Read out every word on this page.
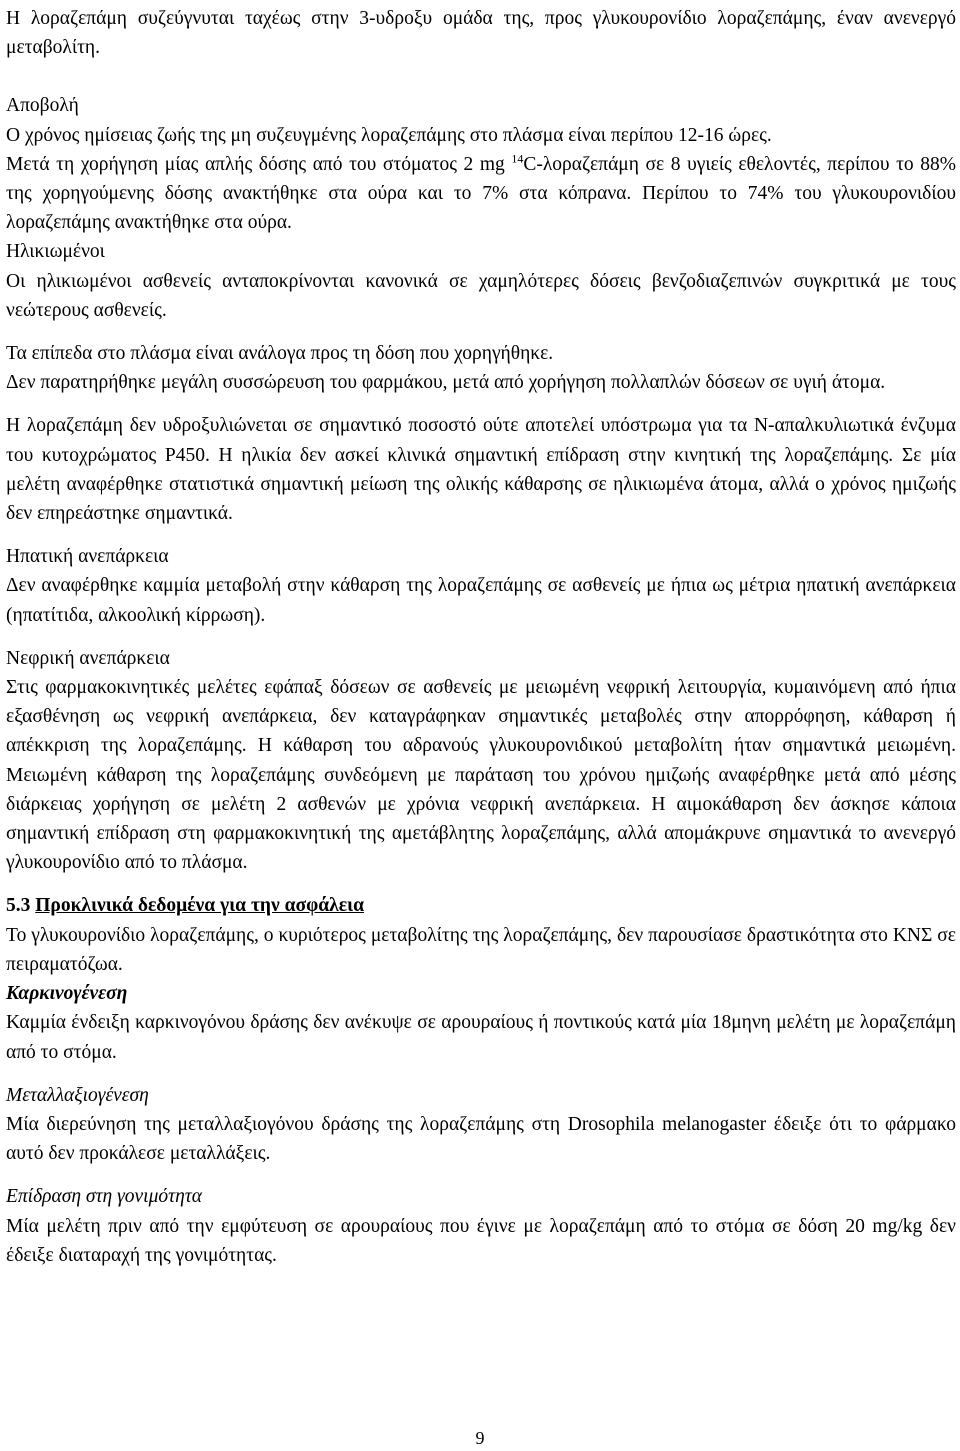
Η λοραζεπάμη συζεύγνυται ταχέως στην 3-υδροξυ ομάδα της, προς γλυκουρονίδιο λοραζεπάμης, έναν ανενεργό μεταβολίτη.

Αποβολή

Ο χρόνος ημίσειας ζωής της μη συζευγμένης λοραζεπάμης στο πλάσμα είναι περίπου 12-16 ώρες.

Μετά τη χορήγηση μίας απλής δόσης από του στόματος 2 mg $^{14}$C-λοραζεπάμη σε 8 υγιείς εθελοντές, περίπου το 88% της χορηγούμενης δόσης ανακτήθηκε στα ούρα και το 7% στα κόπρανα. Περίπου το 74% του γλυκουρονιδίου λοραζεπάμης ανακτήθηκε στα ούρα.

Ηλικιωμένοι

Οι ηλικιωμένοι ασθενείς ανταποκρίνονται κανονικά σε χαμηλότερες δόσεις βενζοδιαζεπινών συγκριτικά με τους νεώτερους ασθενείς.

Τα επίπεδα στο πλάσμα είναι ανάλογα προς τη δόση που χορηγήθηκε.

Δεν παρατηρήθηκε μεγάλη συσσώρευση του φαρμάκου, μετά από χορήγηση πολλαπλών δόσεων σε υγιή άτομα.

Η λοραζεπάμη δεν υδροξυλιώνεται σε σημαντικό ποσοστό ούτε αποτελεί υπόστρωμα για τα Ν-απαλκυλιωτικά ένζυμα του κυτοχρώματος P450. Η ηλικία δεν ασκεί κλινικά σημαντική επίδραση στην κινητική της λοραζεπάμης. Σε μία μελέτη αναφέρθηκε στατιστικά σημαντική μείωση της ολικής κάθαρσης σε ηλικιωμένα άτομα, αλλά ο χρόνος ημιζωής δεν επηρεάστηκε σημαντικά.

Ηπατική ανεπάρκεια

Δεν αναφέρθηκε καμμία μεταβολή στην κάθαρση της λοραζεπάμης σε ασθενείς με ήπια ως μέτρια ηπατική ανεπάρκεια (ηπατίτιδα, αλκοολική κίρρωση).

Νεφρική ανεπάρκεια

Στις φαρμακοκινητικές μελέτες εφάπαξ δόσεων σε ασθενείς με μειωμένη νεφρική λειτουργία, κυμαινόμενη από ήπια εξασθένηση ως νεφρική ανεπάρκεια, δεν καταγράφηκαν σημαντικές μεταβολές στην απορρόφηση, κάθαρση ή απέκκριση της λοραζεπάμης. Η κάθαρση του αδρανούς γλυκουρονιδικού μεταβολίτη ήταν σημαντικά μειωμένη. Μειωμένη κάθαρση της λοραζεπάμης συνδεόμενη με παράταση του χρόνου ημιζωής αναφέρθηκε μετά από μέσης διάρκειας χορήγηση σε μελέτη 2 ασθενών με χρόνια νεφρική ανεπάρκεια. Η αιμοκάθαρση δεν άσκησε κάποια σημαντική επίδραση στη φαρμακοκινητική της αμετάβλητης λοραζεπάμης, αλλά απομάκρυνε σημαντικά το ανενεργό γλυκουρονίδιο από το πλάσμα.

5.3 Προκλινικά δεδομένα για την ασφάλεια

Το γλυκουρονίδιο λοραζεπάμης, ο κυριότερος μεταβολίτης της λοραζεπάμης, δεν παρουσίασε δραστικότητα στο ΚΝΣ σε πειραματόζωα.

Καρκινογένεση

Καμμία ένδειξη καρκινογόνου δράσης δεν ανέκυψε σε αρουραίους ή ποντικούς κατά μία 18μηνη μελέτη με λοραζεπάμη από το στόμα.

Μεταλλαξιογένεση

Μία διερεύνηση της μεταλλαξιογόνου δράσης της λοραζεπάμης στη Drosophila melanogaster έδειξε ότι το φάρμακο αυτό δεν προκάλεσε μεταλλάξεις.

Επίδραση στη γονιμότητα

Μία μελέτη πριν από την εμφύτευση σε αρουραίους που έγινε με λοραζεπάμη από το στόμα σε δόση 20 mg/kg δεν έδειξε διαταραχή της γονιμότητας.

9
